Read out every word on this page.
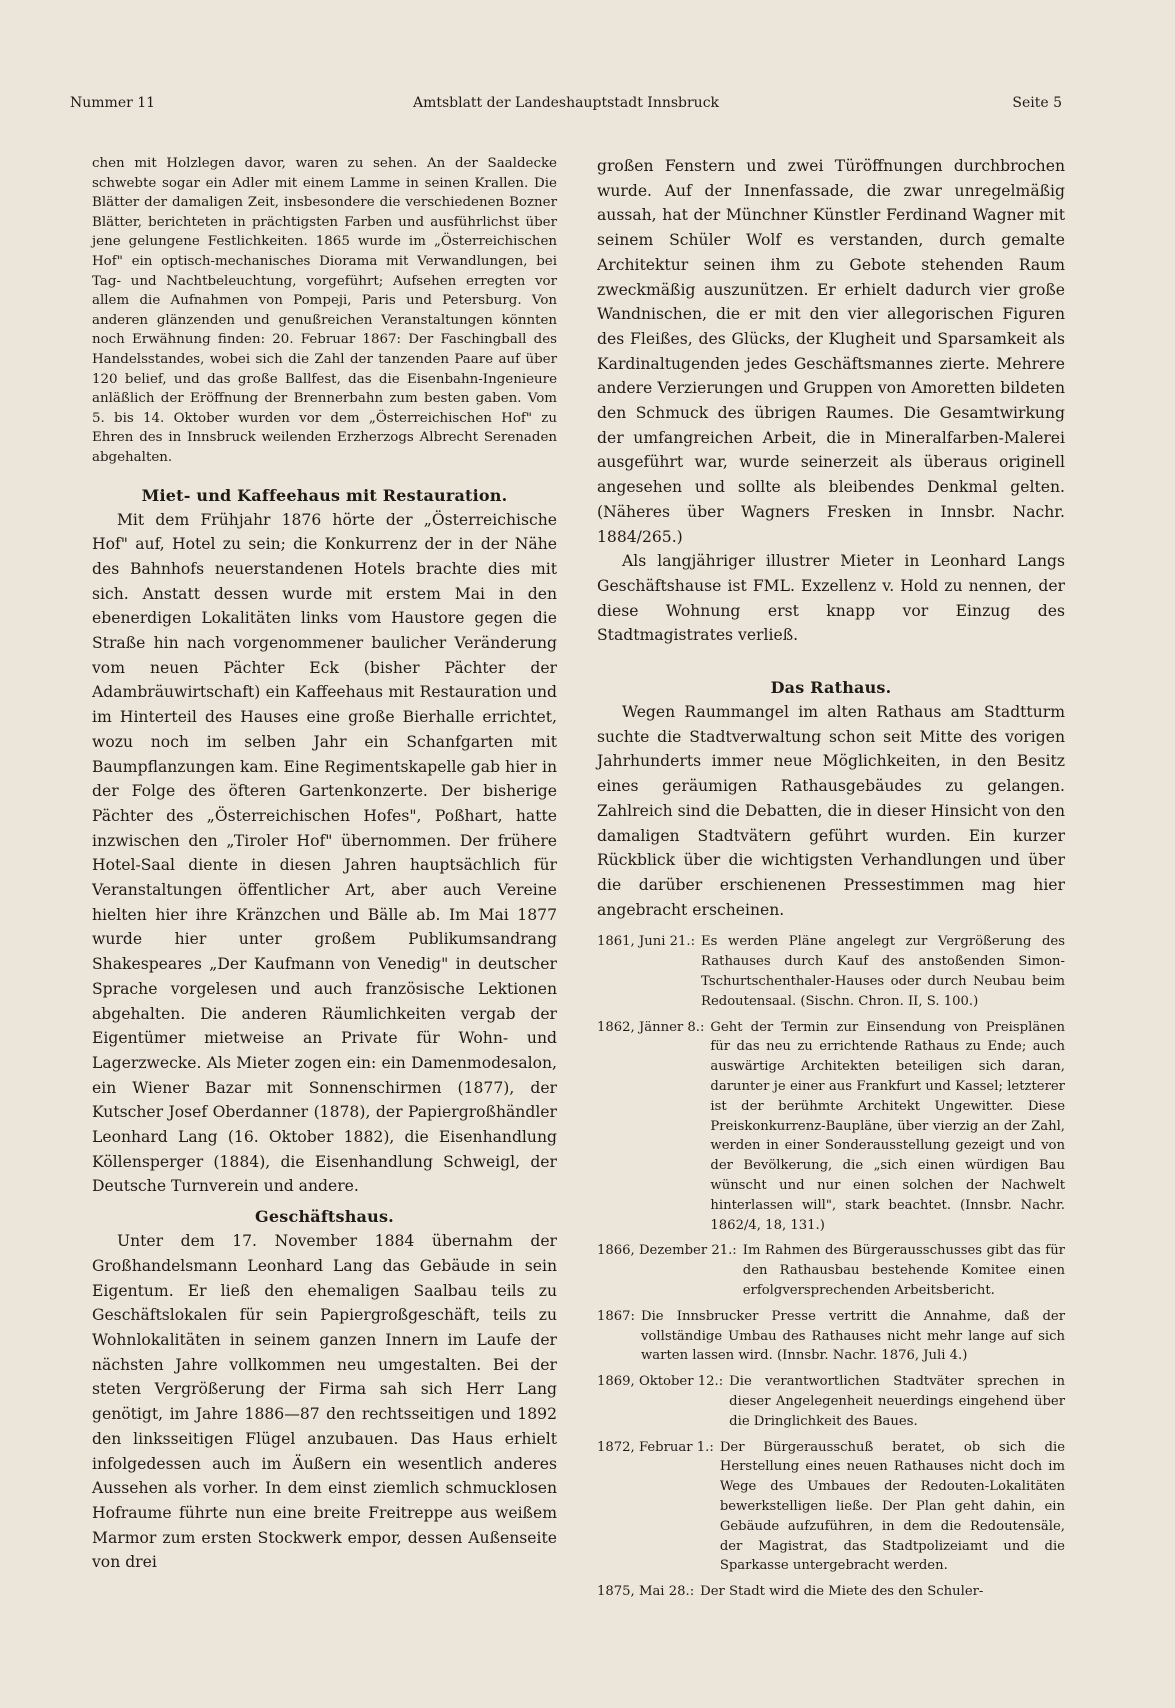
Nummer 11	Amtsblatt der Landeshauptstadt Innsbruck	Seite 5

chen mit Holzlegen davor, waren zu sehen. An der Saaldecke schwebte sogar ein Adler mit einem Lamme in seinen Krallen. Die Blätter der damaligen Zeit, insbesondere die verschiedenen Bozner Blätter, berichteten in prächtigsten Farben und ausführlichst über jene gelungene Festlichkeiten. 1865 wurde im „Österreichischen Hof" ein optisch-mechanisches Diorama mit Verwandlungen, bei Tag- und Nachtbeleuchtung, vorgeführt; Aufsehen erregten vor allem die Aufnahmen von Pompeji, Paris und Petersburg. Von anderen glänzenden und genußreichen Veranstaltungen könnten noch Erwähnung finden: 20. Februar 1867: Der Faschingball des Handelsstandes, wobei sich die Zahl der tanzenden Paare auf über 120 belief, und das große Ballfest, das die Eisenbahn-Ingenieure anläßlich der Eröffnung der Brennerbahn zum besten gaben. Vom 5. bis 14. Oktober wurden vor dem „Österreichischen Hof" zu Ehren des in Innsbruck weilenden Erzherzogs Albrecht Serenaden abgehalten.

Miet- und Kaffeehaus mit Restauration.

Mit dem Frühjahr 1876 hörte der „Österreichische Hof" auf, Hotel zu sein; die Konkurrenz der in der Nähe des Bahnhofs neuerstandenen Hotels brachte dies mit sich. Anstatt dessen wurde mit erstem Mai in den ebenerdigen Lokalitäten links vom Haustore gegen die Straße hin nach vorgenommener baulicher Veränderung vom neuen Pächter Eck (bisher Pächter der Adambräuwirtschaft) ein Kaffeehaus mit Restauration und im Hinterteil des Hauses eine große Bierhalle errichtet, wozu noch im selben Jahr ein Schanfgarten mit Baumpflanzungen kam. Eine Regimentskapelle gab hier in der Folge des öfteren Gartenkonzerte. Der bisherige Pächter des „Österreichischen Hofes", Poßhart, hatte inzwischen den „Tiroler Hof" übernommen. Der frühere Hotel-Saal diente in diesen Jahren hauptsächlich für Veranstaltungen öffentlicher Art, aber auch Vereine hielten hier ihre Kränzchen und Bälle ab. Im Mai 1877 wurde hier unter großem Publikumsandrang Shakespeares „Der Kaufmann von Venedig" in deutscher Sprache vorgelesen und auch französische Lektionen abgehalten. Die anderen Räumlichkeiten vergab der Eigentümer mietweise an Private für Wohn- und Lagerzwecke. Als Mieter zogen ein: ein Damenmodesalon, ein Wiener Bazar mit Sonnenschirmen (1877), der Kutscher Josef Oberdanner (1878), der Papiergroßhändler Leonhard Lang (16. Oktober 1882), die Eisenhandlung Köllensperger (1884), die Eisenhandlung Schweigl, der Deutsche Turnverein und andere.

Geschäftshaus.

Unter dem 17. November 1884 übernahm der Großhandelsmann Leonhard Lang das Gebäude in sein Eigentum. Er ließ den ehemaligen Saalbau teils zu Geschäftslokalen für sein Papiergroßgeschäft, teils zu Wohnlokalitäten in seinem ganzen Innern im Laufe der nächsten Jahre vollkommen neu umgestalten. Bei der steten Vergrößerung der Firma sah sich Herr Lang genötigt, im Jahre 1886—87 den rechtsseitigen und 1892 den linksseitigen Flügel anzubauen. Das Haus erhielt infolgedessen auch im Äußern ein wesentlich anderes Aussehen als vorher. In dem einst ziemlich schmucklosen Hofraume führte nun eine breite Freitreppe aus weißem Marmor zum ersten Stockwerk empor, dessen Außenseite von drei

großen Fenstern und zwei Türöffnungen durchbrochen wurde. Auf der Innenfassade, die zwar unregelmäßig aussah, hat der Münchner Künstler Ferdinand Wagner mit seinem Schüler Wolf es verstanden, durch gemalte Architektur seinen ihm zu Gebote stehenden Raum zweckmäßig auszunützen. Er erhielt dadurch vier große Wandnischen, die er mit den vier allegorischen Figuren des Fleißes, des Glücks, der Klugheit und Sparsamkeit als Kardinaltugenden jedes Geschäftsmannes zierte. Mehrere andere Verzierungen und Gruppen von Amoretten bildeten den Schmuck des übrigen Raumes. Die Gesamtwirkung der umfangreichen Arbeit, die in Mineralfarben-Malerei ausgeführt war, wurde seinerzeit als überaus originell angesehen und sollte als bleibendes Denkmal gelten. (Näheres über Wagners Fresken in Innsbr. Nachr. 1884/265.)

Als langjähriger illustrer Mieter in Leonhard Langs Geschäftshause ist FML. Exzellenz v. Hold zu nennen, der diese Wohnung erst knapp vor Einzug des Stadtmagistrates verließ.

Das Rathaus.

Wegen Raummangel im alten Rathaus am Stadtturm suchte die Stadtverwaltung schon seit Mitte des vorigen Jahrhunderts immer neue Möglichkeiten, in den Besitz eines geräumigen Rathausgebäudes zu gelangen. Zahlreich sind die Debatten, die in dieser Hinsicht von den damaligen Stadtvätern geführt wurden. Ein kurzer Rückblick über die wichtigsten Verhandlungen und über die darüber erschienenen Pressestimmen mag hier angebracht erscheinen.

1861, Juni 21.: Es werden Pläne angelegt zur Vergrößerung des Rathauses durch Kauf des anstoßenden Simon-Tschurtschenthaler-Hauses oder durch Neubau beim Redoutensaal. (Sischn. Chron. II, S. 100.)
1862, Jänner 8.: Geht der Termin zur Einsendung von Preisplänen für das neu zu errichtende Rathaus zu Ende; auch auswärtige Architekten beteiligen sich daran, darunter je einer aus Frankfurt und Kassel; letzterer ist der berühmte Architekt Ungewitter. Diese Preiskonkurrenz-Baupläne, über vierzig an der Zahl, werden in einer Sonderausstellung gezeigt und von der Bevölkerung, die „sich einen würdigen Bau wünscht und nur einen solchen der Nachwelt hinterlassen will", stark beachtet. (Innsbr. Nachr. 1862/4, 18, 131.)
1866, Dezember 21.: Im Rahmen des Bürgerausschusses gibt das für den Rathausbau bestehende Komitee einen erfolgversprechenden Arbeitsbericht.
1867: Die Innsbrucker Presse vertritt die Annahme, daß der vollständige Umbau des Rathauses nicht mehr lange auf sich warten lassen wird. (Innsbr. Nachr. 1876, Juli 4.)
1869, Oktober 12.: Die verantwortlichen Stadtväter sprechen in dieser Angelegenheit neuerdings eingehend über die Dringlichkeit des Baues.
1872, Februar 1.: Der Bürgerausschuß beratet, ob sich die Herstellung eines neuen Rathauses nicht doch im Wege des Umbaues der Redouten-Lokalitäten bewerkstelligen ließe. Der Plan geht dahin, ein Gebäude aufzuführen, in dem die Redoutensäle, der Magistrat, das Stadtpolizeiamt und die Sparkasse untergebracht werden.
1875, Mai 28.: Der Stadt wird die Miete des den Schuler-
